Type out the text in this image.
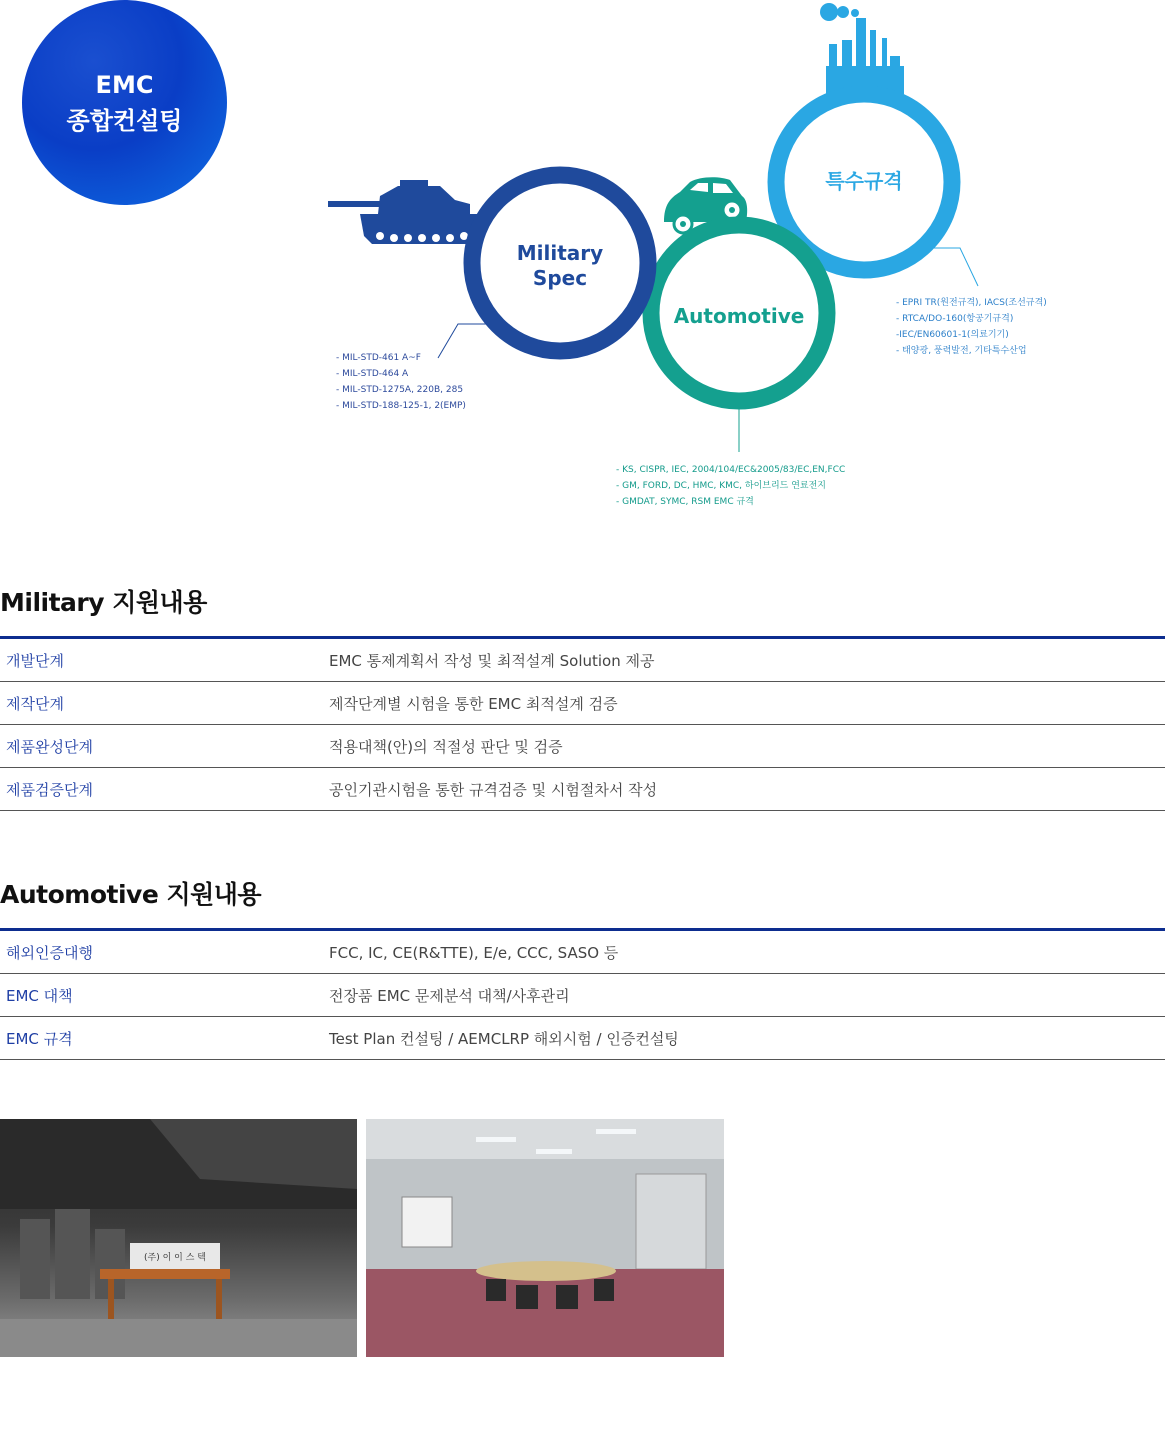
EMC
종합컨설팅
Military
Spec
Automotive
특수규격
- MIL-STD-461 A~F
- MIL-STD-464 A
- MIL-STD-1275A, 220B, 285
- MIL-STD-188-125-1, 2(EMP)
- KS, CISPR, IEC, 2004/104/EC&2005/83/EC,EN,FCC
- GM, FORD, DC, HMC, KMC, 하이브리드 연료전지
- GMDAT, SYMC, RSM EMC 규격
- EPRI TR(원전규격), IACS(조선규격)
- RTCA/DO-160(항공기규격)
-IEC/EN60601-1(의료기기)
- 태양광, 풍력발전, 기타특수산업
Military 지원내용
개발단계	EMC 통제계획서 작성 및 최적설계 Solution 제공
제작단계	제작단계별 시험을 통한 EMC 최적설계 검증
제품완성단계	적용대책(안)의 적절성 판단 및 검증
제품검증단계	공인기관시험을 통한 규격검증 및 시험절차서 작성
Automotive 지원내용
해외인증대행	FCC, IC, CE(R&TTE), E/e, CCC, SASO 등
EMC 대책	전장품 EMC 문제분석 대책/사후관리
EMC 규격	Test Plan 컨설팅 / AEMCLRP 해외시험 / 인증컨설팅
(주) 이 이 스 텍
